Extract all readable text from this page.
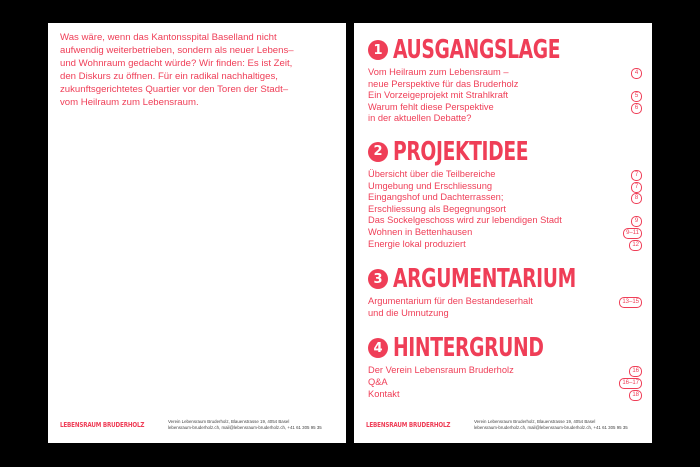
Was wäre, wenn das Kantonsspital Baselland nicht
aufwendig weiterbetrieben, sondern als neuer Lebens–
und Wohnraum gedacht würde? Wir finden: Es ist Zeit,
den Diskurs zu öffnen. Für ein radikal nachhaltiges,
zukunftsgerichtetes Quartier vor den Toren der Stadt–
vom Heilraum zum Lebensraum.
LEBENSRAUM BRUDERHOLZ	Verein Lebensraum Bruderholz, Blauenstrasse 19, 4054 Basel
lebensraum-bruderholz.ch, mail@lebensraum-bruderholz.ch, +41 61 305 95 35
1 AUSGANGSLAGE
Vom Heilraum zum Lebensraum –
neue Perspektive für das Bruderholz
4
Ein Vorzeigeprojekt mit Strahlkraft	5
Warum fehlt diese Perspektive
in der aktuellen Debatte?
6
2 PROJEKTIDEE
Übersicht über die Teilbereiche	7
Umgebung und Erschliessung	7
Eingangshof und Dachterrassen;
Erschliessung als Begegnungsort
8
Das Sockelgeschoss wird zur lebendigen Stadt	9
Wohnen in Bettenhausen	9–11
Energie lokal produziert	12
3 ARGUMENTARIUM
Argumentarium für den Bestandeserhalt
und die Umnutzung
13–15
4 HINTERGRUND
Der Verein Lebensraum Bruderholz	16
Q&A	16–17
Kontakt	18
LEBENSRAUM BRUDERHOLZ	Verein Lebensraum Bruderholz, Blauenstrasse 19, 4054 Basel
lebensraum-bruderholz.ch, mail@lebensraum-bruderholz.ch, +41 61 305 95 35
